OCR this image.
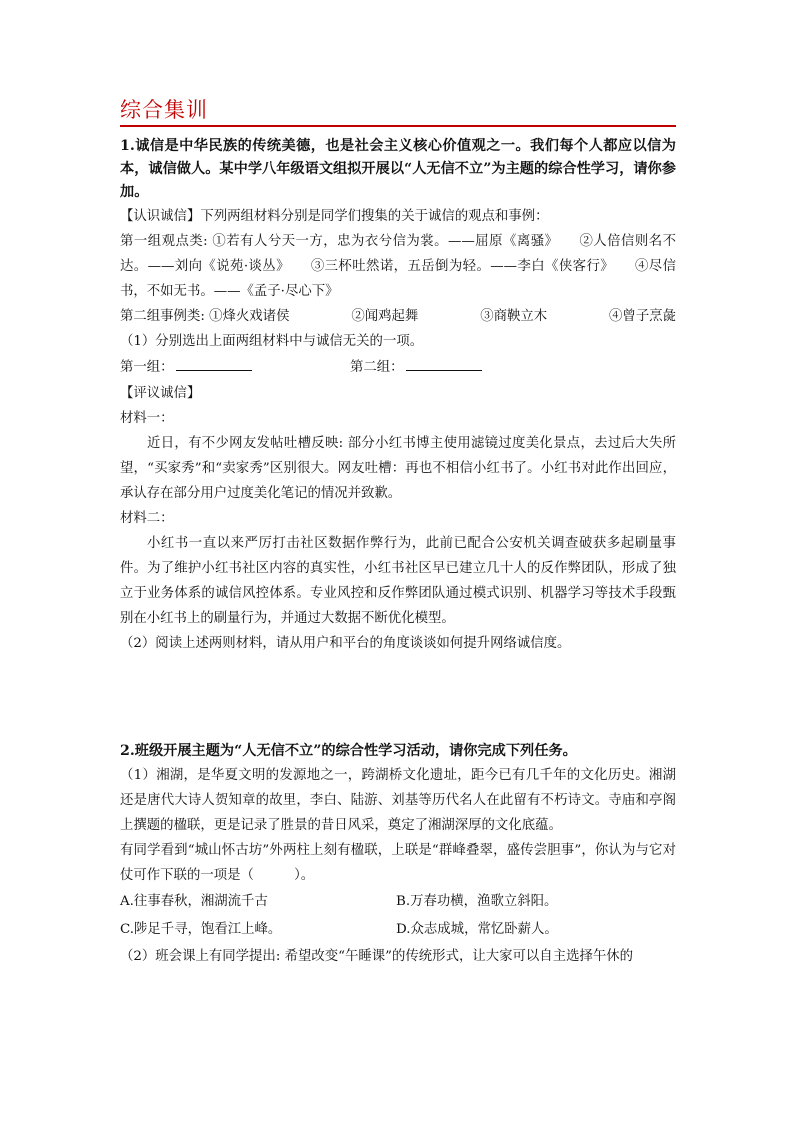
综合集训

1.诚信是中华民族的传统美德，也是社会主义核心价值观之一。我们每个人都应以信为本，诚信做人。某中学八年级语文组拟开展以“人无信不立”为主题的综合性学习，请你参加。

【认识诚信】下列两组材料分别是同学们搜集的关于诚信的观点和事例：

第一组观点类: ①若有人兮天一方，忠为衣兮信为裳。——屈原《离骚》　　②人倍信则名不达。——刘向《说苑·谈丛》　　③三杯吐然诺，五岳倒为轻。——李白《侠客行》　　④尽信书，不如无书。——《孟子·尽心下》

第二组事例类: ①烽火戏诸侯	②闻鸡起舞	③商鞅立木	④曾子烹彘

（1）分别选出上面两组材料中与诚信无关的一项。

第一组：	第二组：

【评议诚信】

材料一：

近日，有不少网友发帖吐槽反映: 部分小红书博主使用滤镜过度美化景点，去过后大失所望，“买家秀”和“卖家秀”区别很大。网友吐槽：再也不相信小红书了。小红书对此作出回应，承认存在部分用户过度美化笔记的情况并致歉。

材料二：

小红书一直以来严厉打击社区数据作弊行为，此前已配合公安机关调查破获多起刷量事件。为了维护小红书社区内容的真实性，小红书社区早已建立几十人的反作弊团队，形成了独立于业务体系的诚信风控体系。专业风控和反作弊团队通过模式识别、机器学习等技术手段甄别在小红书上的刷量行为，并通过大数据不断优化模型。

（2）阅读上述两则材料，请从用户和平台的角度谈谈如何提升网络诚信度。

2.班级开展主题为“人无信不立”的综合性学习活动，请你完成下列任务。

（1）湘湖，是华夏文明的发源地之一，跨湖桥文化遗址，距今已有几千年的文化历史。湘湖还是唐代大诗人贺知章的故里，李白、陆游、刘基等历代名人在此留有不朽诗文。寺庙和亭阁上撰题的楹联，更是记录了胜景的昔日风采，奠定了湘湖深厚的文化底蕴。

有同学看到“城山怀古坊”外两柱上刻有楹联，上联是“群峰叠翠，盛传尝胆事”，你认为与它对仗可作下联的一项是（　　　）。

A.往事春秋，湘湖流千古	B.万春功横，渔歌立斜阳。
C.陟足千寻，饱看江上峰。	D.众志成城，常忆卧薪人。

（2）班会课上有同学提出: 希望改变“午睡课”的传统形式，让大家可以自主选择午休的
